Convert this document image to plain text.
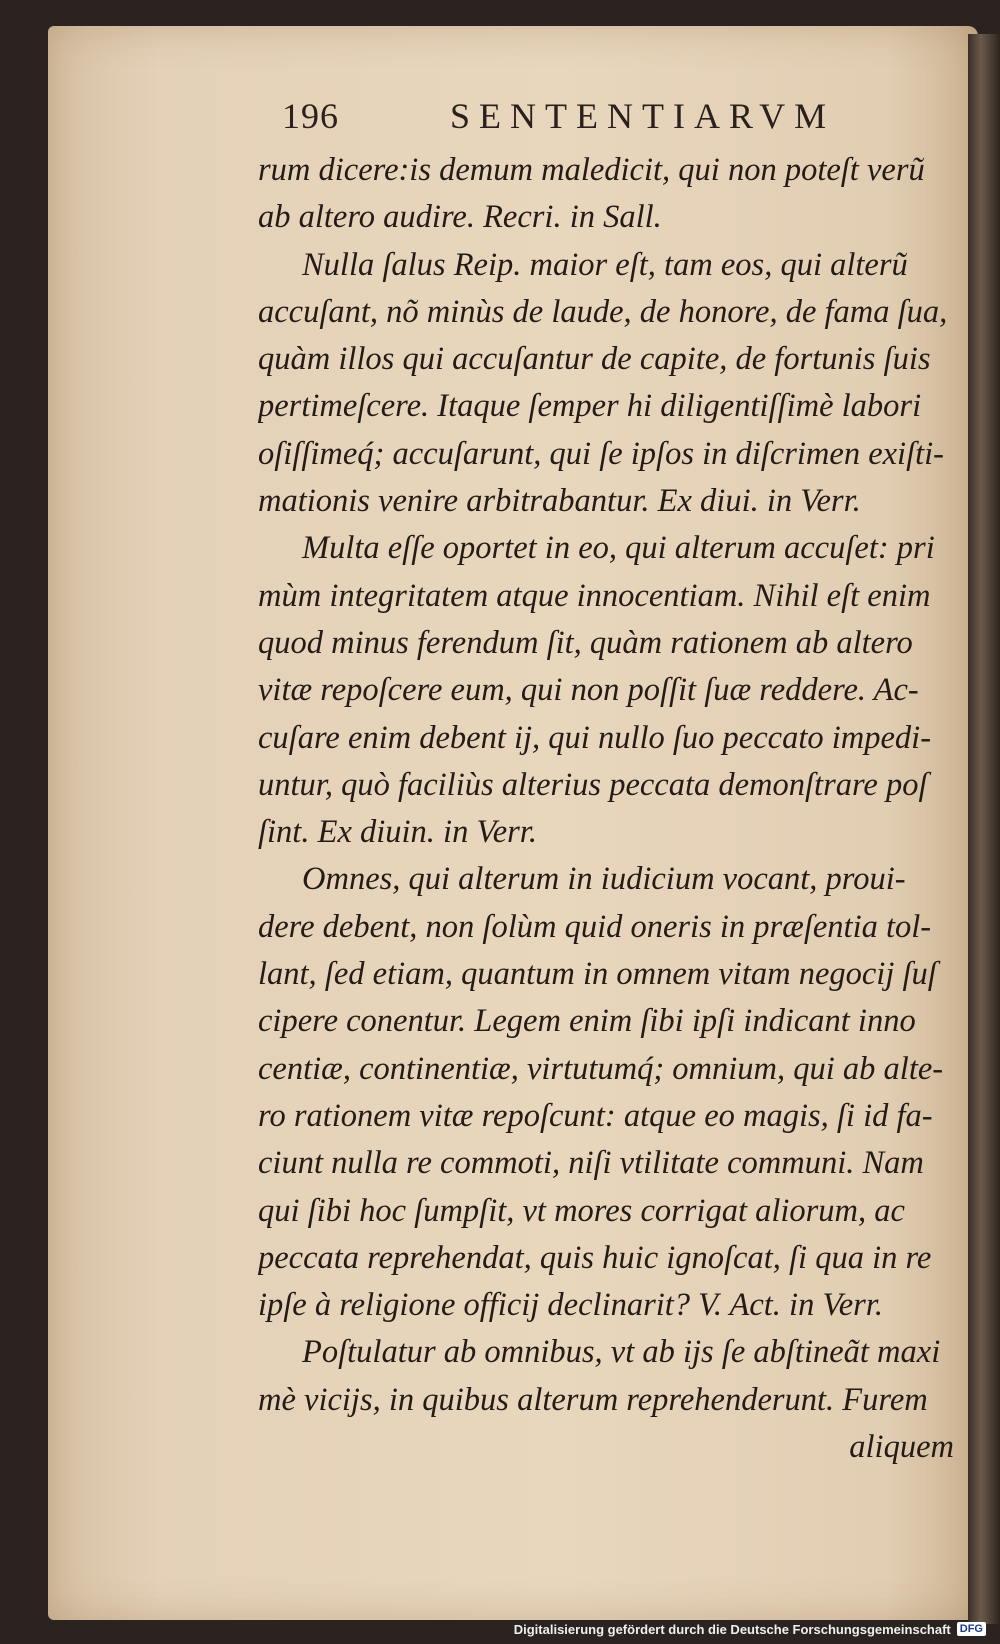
196	SENTENTIARVM
rum dicere:is demum maledicit, qui non poteſt verũ
ab altero audire. Recri. in Sall.
Nulla ſalus Reip. maior eſt, tam eos, qui alterũ
accuſant, nõ minùs de laude, de honore, de fama ſua,
quàm illos qui accuſantur de capite, de fortunis ſuis
pertimeſcere. Itaque ſemper hi diligentiſſimè labori
oſiſſimeq́; accuſarunt, qui ſe ipſos in diſcrimen exiſti-
mationis venire arbitrabantur. Ex diui. in Verr.
Multa eſſe oportet in eo, qui alterum accuſet: pri
mùm integritatem atque innocentiam. Nihil eſt enim
quod minus ferendum ſit, quàm rationem ab altero
vitæ repoſcere eum, qui non poſſit ſuæ reddere. Ac-
cuſare enim debent ij, qui nullo ſuo peccato impedi-
untur, quò faciliùs alterius peccata demonſtrare poſ
ſint. Ex diuin. in Verr.
Omnes, qui alterum in iudicium vocant, proui-
dere debent, non ſolùm quid oneris in præſentia tol-
lant, ſed etiam, quantum in omnem vitam negocij ſuſ
cipere conentur. Legem enim ſibi ipſi indicant inno
centiæ, continentiæ, virtutumq́; omnium, qui ab alte-
ro rationem vitæ repoſcunt: atque eo magis, ſi id fa-
ciunt nulla re commoti, niſi vtilitate communi. Nam
qui ſibi hoc ſumpſit, vt mores corrigat aliorum, ac
peccata reprehendat, quis huic ignoſcat, ſi qua in re
ipſe à religione officij declinarit? V. Act. in Verr.
Poſtulatur ab omnibus, vt ab ijs ſe abſtineãt maxi
mè vicijs, in quibus alterum reprehenderunt. Furem
aliquem
Digitalisierung gefördert durch die Deutsche Forschungsgemeinschaft DFG
